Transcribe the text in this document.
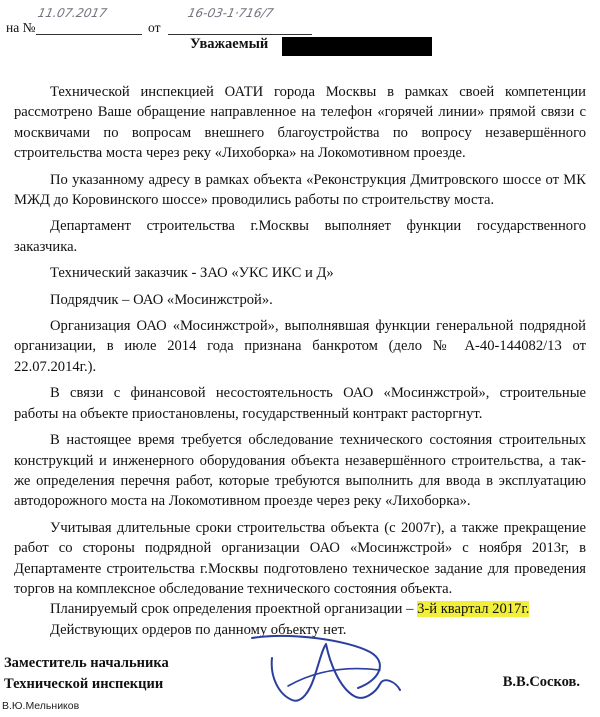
11.07.2017	16-03-1·716/7
на №	от
Уважаемый

Технической инспекцией ОАТИ города Москвы в рамках своей компетенции рассмотрено Ваше обращение направленное на телефон «горячей линии» прямой связи с москвичами по вопросам внешнего благоустройства по вопросу незавершённого строительства моста через реку «Лихоборка» на Локомотивном проезде.

По указанному адресу в рамках объекта «Реконструкция Дмитровского шоссе от МК МЖД до Коровинского шоссе» проводились работы по строительству моста.

Департамент строительства г.Москвы выполняет функции государственного заказчика.

Технический заказчик - ЗАО «УКС ИКС и Д»

Подрядчик – ОАО «Мосинжстрой».

Организация ОАО «Мосинжстрой», выполнявшая функции генеральной подрядной организации, в июле 2014 года признана банкротом (дело № А-40-144082/13 от 22.07.2014г.).

В связи с финансовой несостоятельность ОАО «Мосинжстрой», строительные работы на объекте приостановлены, государственный контракт расторгнут.

В настоящее время требуется обследование технического состояния строительных конструкций и инженерного оборудования объекта незавершённого строительства, а так-же определения перечня работ, которые требуются выполнить для ввода в эксплуатацию автодорожного моста на Локомотивном проезде через реку «Лихоборка».

Учитывая длительные сроки строительства объекта (с 2007г), а также прекращение работ со стороны подрядной организации ОАО «Мосинжстрой» с ноября 2013г, в Департаменте строительства г.Москвы подготовлено техническое задание для проведения торгов на комплексное обследование технического состояния объекта.

Планируемый срок определения проектной организации – 3-й квартал 2017г.

Действующих ордеров по данному объекту нет.

Заместитель начальника
Технической инспекции	В.В.Сосков.
В.Ю.Мельников
